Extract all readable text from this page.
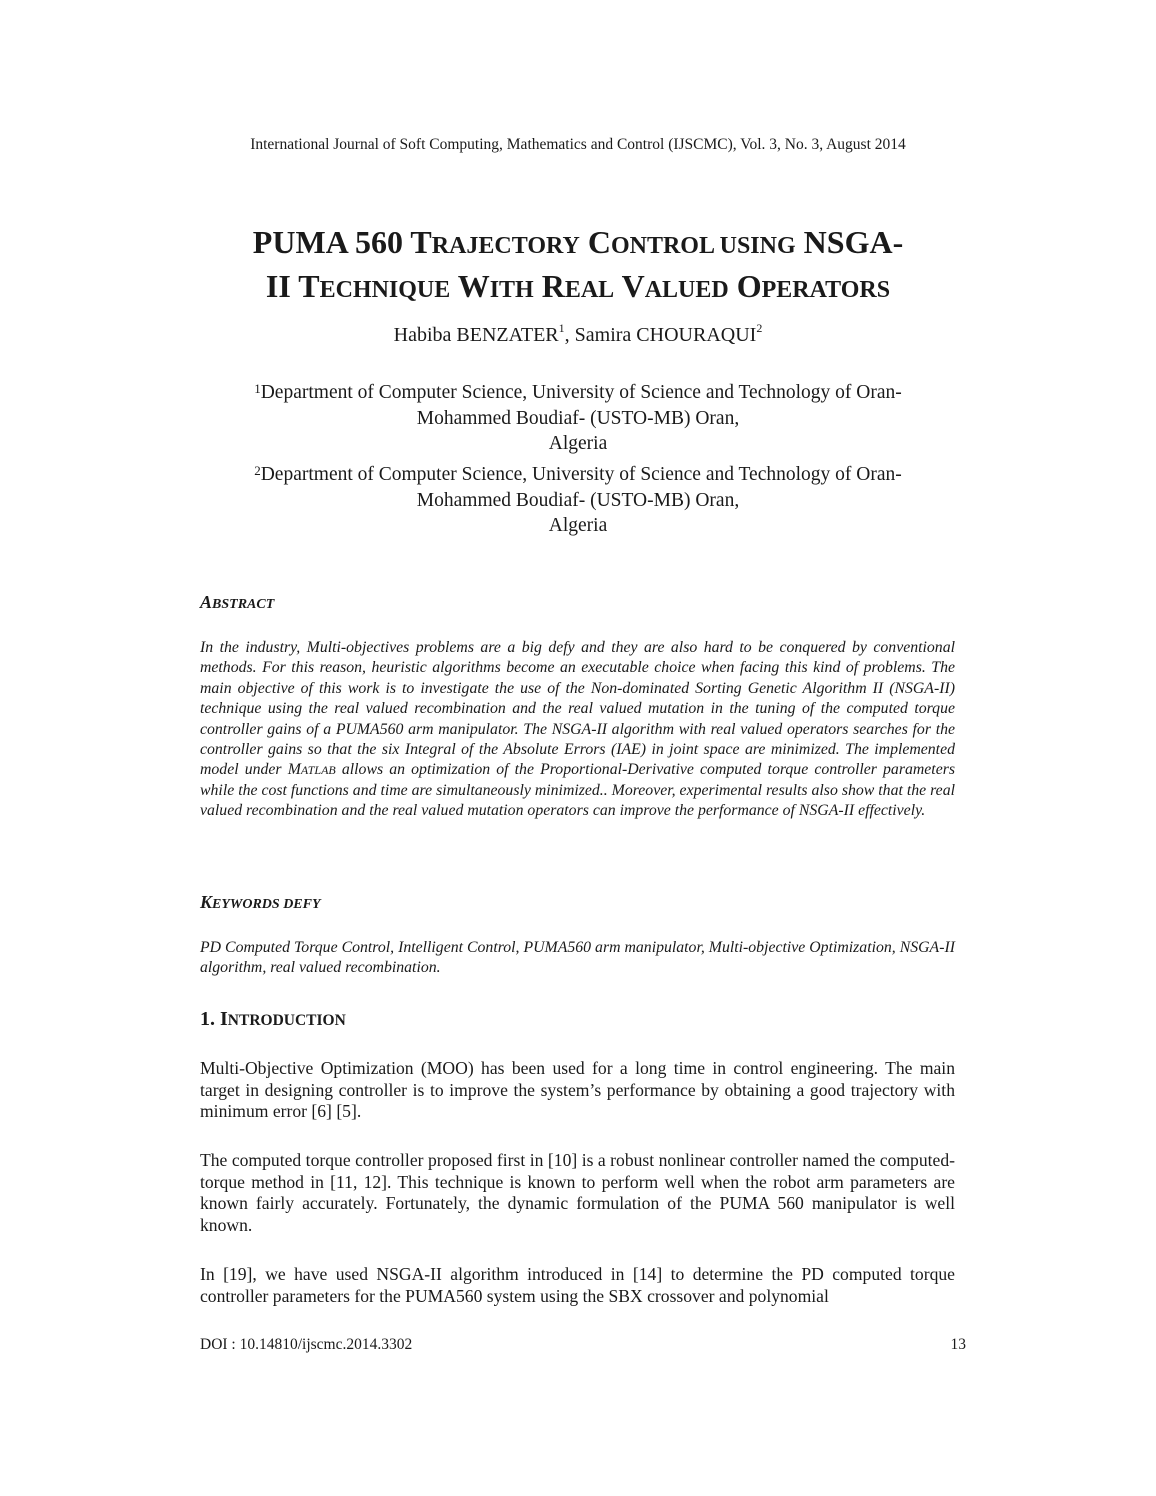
International Journal of Soft Computing, Mathematics and Control (IJSCMC), Vol. 3, No. 3, August 2014
PUMA 560 TRAJECTORY CONTROL USING NSGA-
II TECHNIQUE WITH REAL VALUED OPERATORS
Habiba BENZATER$^1$, Samira CHOURAQUI$^2$
$^1$Department of Computer Science, University of Science and Technology of Oran-
Mohammed Boudiaf- (USTO-MB) Oran,
Algeria
$^2$Department of Computer Science, University of Science and Technology of Oran-
Mohammed Boudiaf- (USTO-MB) Oran,
Algeria
ABSTRACT
In the industry, Multi-objectives problems are a big defy and they are also hard to be conquered by conventional methods. For this reason, heuristic algorithms become an executable choice when facing this kind of problems. The main objective of this work is to investigate the use of the Non-dominated Sorting Genetic Algorithm II (NSGA-II) technique using the real valued recombination and the real valued mutation in the tuning of the computed torque controller gains of a PUMA560 arm manipulator. The NSGA-II algorithm with real valued operators searches for the controller gains so that the six Integral of the Absolute Errors (IAE) in joint space are minimized. The implemented model under MATLAB allows an optimization of the Proportional-Derivative computed torque controller parameters while the cost functions and time are simultaneously minimized.. Moreover, experimental results also show that the real valued recombination and the real valued mutation operators can improve the performance of NSGA-II effectively.
KEYWORDS DEFY
PD Computed Torque Control, Intelligent Control, PUMA560 arm manipulator, Multi-objective Optimization, NSGA-II algorithm, real valued recombination.
1. INTRODUCTION
Multi-Objective Optimization (MOO) has been used for a long time in control engineering. The main target in designing controller is to improve the system’s performance by obtaining a good trajectory with minimum error [6] [5].
The computed torque controller proposed first in [10] is a robust nonlinear controller named the computed-torque method in [11, 12]. This technique is known to perform well when the robot arm parameters are known fairly accurately. Fortunately, the dynamic formulation of the PUMA 560 manipulator is well known.
In [19], we have used NSGA-II algorithm introduced in [14] to determine the PD computed torque controller parameters for the PUMA560 system using the SBX crossover and polynomial
DOI : 10.14810/ijscmc.2014.3302	13
